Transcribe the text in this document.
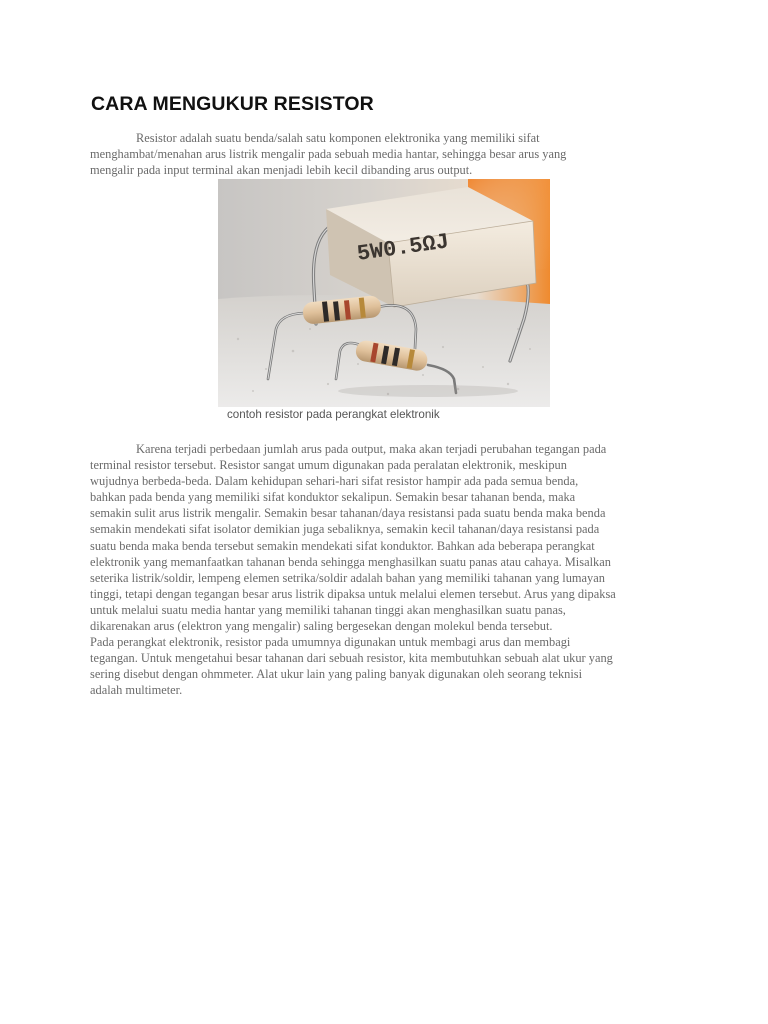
CARA MENGUKUR RESISTOR

Resistor adalah suatu benda/salah satu komponen elektronika yang memiliki sifat
menghambat/menahan arus listrik mengalir pada sebuah media hantar, sehingga besar arus yang
mengalir pada input terminal akan menjadi lebih kecil dibanding arus output.

5W0.5ΩJ

contoh resistor pada perangkat elektronik

Karena terjadi perbedaan jumlah arus pada output, maka akan terjadi perubahan tegangan pada
terminal resistor tersebut. Resistor sangat umum digunakan pada peralatan elektronik, meskipun
wujudnya berbeda-beda. Dalam kehidupan sehari-hari sifat resistor hampir ada pada semua benda,
bahkan pada benda yang memiliki sifat konduktor sekalipun. Semakin besar tahanan benda, maka
semakin sulit arus listrik mengalir. Semakin besar tahanan/daya resistansi pada suatu benda maka benda
semakin mendekati sifat isolator demikian juga sebaliknya, semakin kecil tahanan/daya resistansi pada
suatu benda maka benda tersebut semakin mendekati sifat konduktor. Bahkan ada beberapa perangkat
elektronik yang memanfaatkan tahanan benda sehingga menghasilkan suatu panas atau cahaya. Misalkan
seterika listrik/soldir, lempeng elemen setrika/soldir adalah bahan yang memiliki tahanan yang lumayan
tinggi, tetapi dengan tegangan besar arus listrik dipaksa untuk melalui elemen tersebut. Arus yang dipaksa
untuk melalui suatu media hantar yang memiliki tahanan tinggi akan menghasilkan suatu panas,
dikarenakan arus (elektron yang mengalir) saling bergesekan dengan molekul benda tersebut.
Pada perangkat elektronik, resistor pada umumnya digunakan untuk membagi arus dan membagi
tegangan. Untuk mengetahui besar tahanan dari sebuah resistor, kita membutuhkan sebuah alat ukur yang
sering disebut dengan ohmmeter. Alat ukur lain yang paling banyak digunakan oleh seorang teknisi
adalah multimeter.
